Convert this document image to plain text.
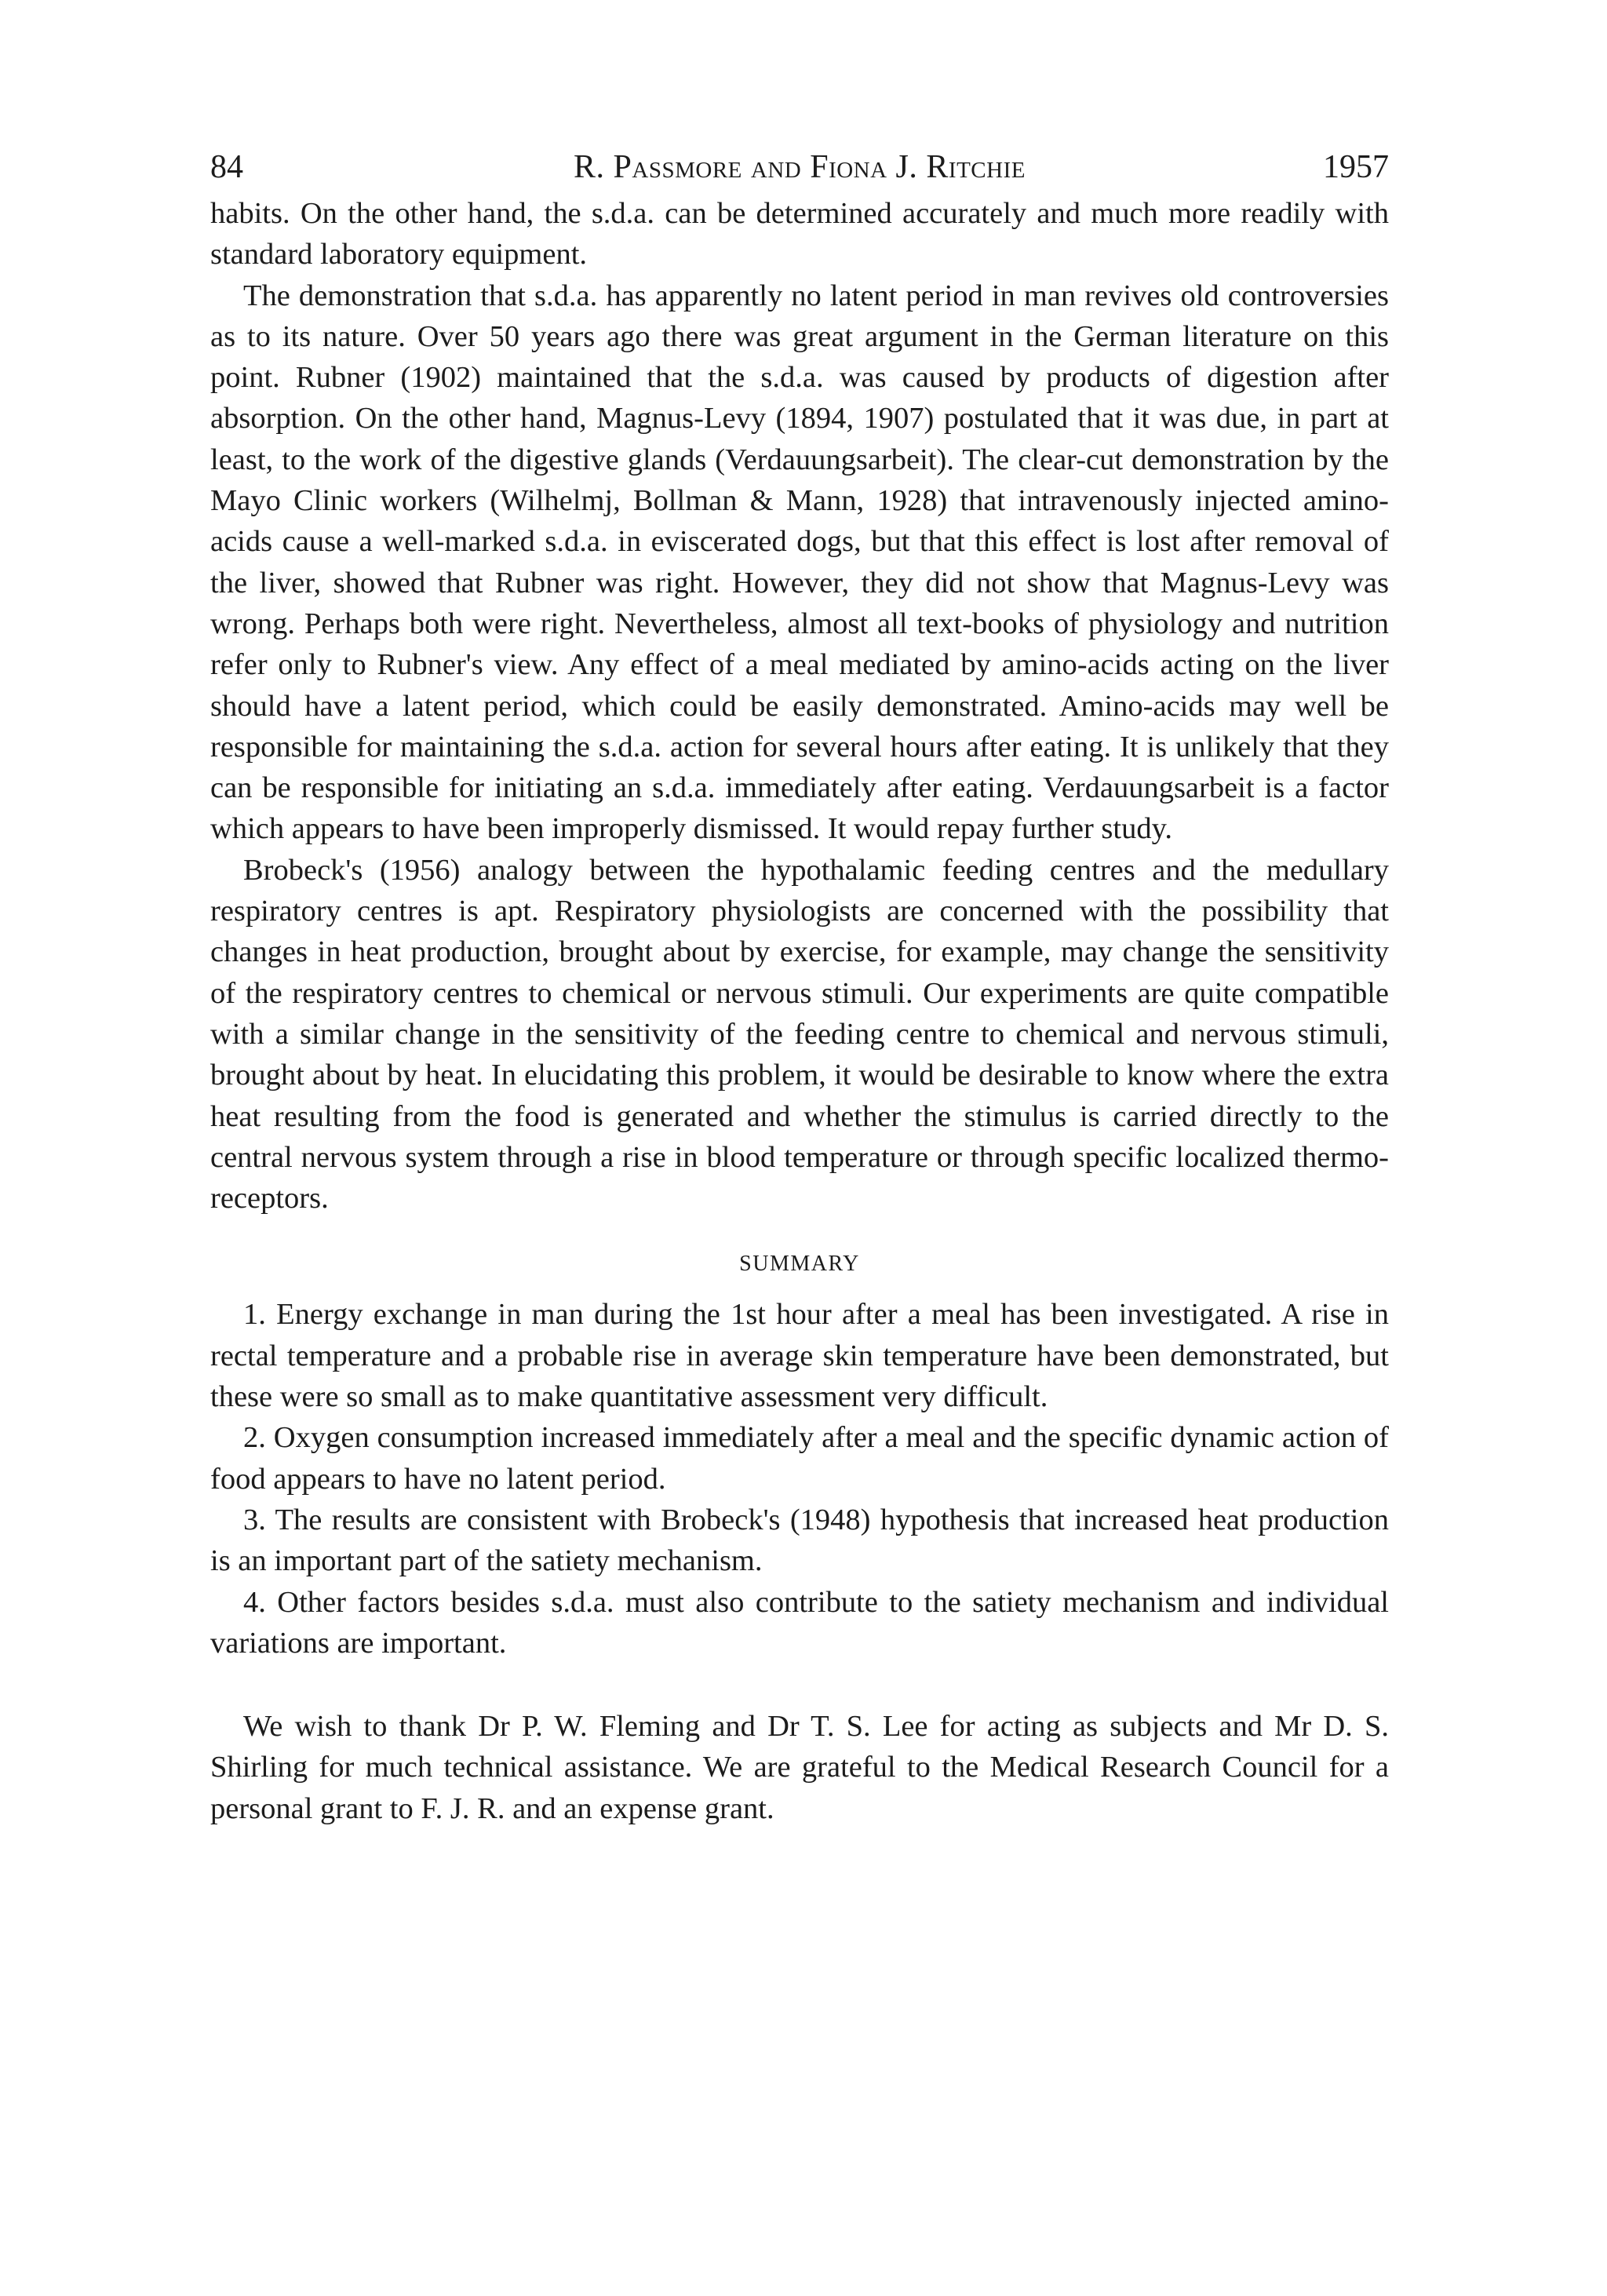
84	R. Passmore and Fiona J. Ritchie	1957

habits. On the other hand, the s.d.a. can be determined accurately and much more readily with standard laboratory equipment.

The demonstration that s.d.a. has apparently no latent period in man revives old controversies as to its nature. Over 50 years ago there was great argument in the German literature on this point. Rubner (1902) maintained that the s.d.a. was caused by products of digestion after absorption. On the other hand, Magnus-Levy (1894, 1907) postulated that it was due, in part at least, to the work of the digestive glands (Verdauungsarbeit). The clear-cut demonstration by the Mayo Clinic workers (Wilhelmj, Bollman & Mann, 1928) that intravenously injected amino-acids cause a well-marked s.d.a. in eviscerated dogs, but that this effect is lost after removal of the liver, showed that Rubner was right. However, they did not show that Magnus-Levy was wrong. Perhaps both were right. Nevertheless, almost all text-books of physiology and nutrition refer only to Rubner's view. Any effect of a meal mediated by amino-acids acting on the liver should have a latent period, which could be easily demonstrated. Amino-acids may well be responsible for maintaining the s.d.a. action for several hours after eating. It is unlikely that they can be responsible for initiating an s.d.a. immediately after eating. Verdauungsarbeit is a factor which appears to have been improperly dismissed. It would repay further study.

Brobeck's (1956) analogy between the hypothalamic feeding centres and the medullary respiratory centres is apt. Respiratory physiologists are concerned with the possibility that changes in heat production, brought about by exercise, for example, may change the sensitivity of the respiratory centres to chemical or nervous stimuli. Our experiments are quite compatible with a similar change in the sensitivity of the feeding centre to chemical and nervous stimuli, brought about by heat. In elucidating this problem, it would be desirable to know where the extra heat resulting from the food is generated and whether the stimulus is carried directly to the central nervous system through a rise in blood temperature or through specific localized thermo-receptors.

SUMMARY

1. Energy exchange in man during the 1st hour after a meal has been investigated. A rise in rectal temperature and a probable rise in average skin temperature have been demonstrated, but these were so small as to make quantitative assessment very difficult.

2. Oxygen consumption increased immediately after a meal and the specific dynamic action of food appears to have no latent period.

3. The results are consistent with Brobeck's (1948) hypothesis that increased heat production is an important part of the satiety mechanism.

4. Other factors besides s.d.a. must also contribute to the satiety mechanism and individual variations are important.

We wish to thank Dr P. W. Fleming and Dr T. S. Lee for acting as subjects and Mr D. S. Shirling for much technical assistance. We are grateful to the Medical Research Council for a personal grant to F. J. R. and an expense grant.
